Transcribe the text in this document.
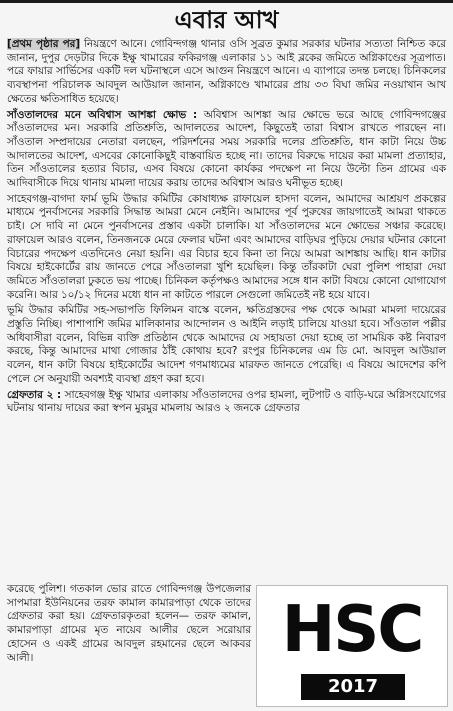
এবার আখ

[প্রথম পৃষ্ঠার পর] নিয়ন্ত্রণে আনে। গোবিন্দগঞ্জ থানার ওসি সুব্রত কুমার সরকার ঘটনার সত্যতা নিশ্চিত করে জানান, দুপুর দেড়টার দিকে ইক্ষু খামারের ফকিরগঞ্জ এলাকার ১১ আই ব্লকের জমিতে অগ্নিকাণ্ডের সূত্রপাত। পরে ফায়ার সার্ভিসের একটি দল ঘটনাস্থলে এসে আগুন নিয়ন্ত্রণে আনে। এ ব্যাপারে তদন্ত চলছে। চিনিকলের ব্যবস্থাপনা পরিচালক আবদুল আউয়াল জানান, অগ্নিকাণ্ডে খামারের প্রায় ৩৩ বিঘা জমির নওয়াখান আখ ক্ষেতের ক্ষতিসাধিত হয়েছে।

সাঁওতালদের মনে অবিশ্বাস আশঙ্কা ক্ষোভ : অবিশ্বাস আশঙ্কা আর ক্ষোভে ভরে আছে গোবিন্দগঞ্জের সাঁওতালদের মন। সরকারি প্রতিশ্রুতি, আদালতের আদেশ, কিছুতেই তারা বিশ্বাস রাখতে পারছেন না। সাঁওতাল সম্প্রদায়ের নেতারা বলছেন, পরিদর্শনের সময় সরকারি দলের প্রতিশ্রুতি, ধান কাটা নিয়ে উচ্চ আদালতের আদেশ, এসবের কোনোকিছুই বাস্তবায়িত হচ্ছে না। তাদের বিরুদ্ধে দায়ের করা মামলা প্রত্যাহার, তিন সাঁওতালের হত্যার বিচার, এসব বিষয়ে কোনো কার্যকর পদক্ষেপ না নিয়ে উল্টো তিন গ্রামের এক আদিবাসীকে দিয়ে থানায় মামলা দায়ের করায় তাদের অবিশ্বাস আরও ঘনীভূত হচ্ছে।

সাহেবগঞ্জ-বাগদা ফার্ম ভূমি উদ্ধার কমিটির কোষাধ্যক্ষ রাফায়েল হাসদা বলেন, আমাদের আশ্রয়ণ প্রকল্পের মাধ্যমে পুনর্বাসনের সরকারি সিদ্ধান্ত আমরা মেনে নেইনি। আমাদের পূর্ব পুরুষের জায়গাতেই আমরা থাকতে চাই। সে দাবি না মেনে পুনর্বাসনের প্রস্তাব একটা চালাকি। যা সাঁওতালদের মনে ক্ষোভের সঞ্চার করেছে। রাফায়েল আরও বলেন, তিনজনকে মেরে ফেলার ঘটনা এবং আমাদের বাড়িঘর পুড়িয়ে দেয়ার ঘটনার কোনো বিচারের পদক্ষেপ এতদিনেও নেয়া হয়নি। এর বিচার হবে কিনা তা নিয়ে আমরা আশঙ্কায় আছি। ধান কাটার বিষয়ে হাইকোর্টের রায় জানতে পেরে সাঁওতালরা খুশি হয়েছিল। কিন্তু তাঁরকাটা ঘেরা পুলিশ পাহারা দেয়া জমিতে সাঁওতালরা ঢুকতে ভয় পাচ্ছে। চিনিকল কর্তৃপক্ষও আমাদের সঙ্গে ধান কাটা বিষয়ে কোনো যোগাযোগ করেনি। আর ১০/১২ দিনের মধ্যে ধান না কাটতে পারলে সেগুলো জমিতেই নষ্ট হয়ে যাবে।

ভূমি উদ্ধার কমিটির সহ-সভাপতি ফিলিমন বাস্কে বলেন, ক্ষতিগ্রস্তদের পক্ষ থেকে আমরা মামলা দায়েরের প্রস্তুতি নিচ্ছি। পাশাপাশি জমির মালিকানার আন্দোলন ও আইনি লড়াই চালিয়ে যাওয়া হবে। সাঁওতাল পল্লীর অধিবাসীরা বলেন, বিভিন্ন ব্যক্তি প্রতিষ্ঠান থেকে আমাদের যে সহায়তা দেয়া হচ্ছে তা সাময়িক কষ্ট নিবারণ করছে, কিন্তু আমাদের মাথা গোজার ঠাঁই কোথায় হবে? রংপুর চিনিকলের এম ডি মো. আবদুল আউয়াল বলেন, ধান কাটা বিষয়ে হাইকোর্টের আদেশ গণমাধ্যমের মারফত জানতে পেরেছি। এ বিষয়ে আদেশের কপি পেলে সে অনুযায়ী অবশ্যই ব্যবস্থা গ্রহণ করা হবে।

গ্রেফতার ২ : সাহেবগঞ্জ ইক্ষু খামার এলাকায় সাঁওতালদের ওপর হামলা, লুটপাট ও বাড়ি-ঘরে অগ্নিসংযোগের ঘটনায় থানায় দায়ের করা স্বপন মুরমুর মামলায় আরও ২ জনকে গ্রেফতার

করেছে পুলিশ। গতকাল ভোর রাতে গোবিন্দগঞ্জ উপজেলার সাপমারা ইউনিয়নের তরফ কামাল কামারপাড়া থেকে তাদের গ্রেফতার করা হয়। গ্রেফতারকৃতরা হলেন— তরফ কামাল, কামারপাড়া গ্রামের মৃত নায়েব আলীর ছেলে সরোয়ার হোসেন ও একই গ্রামের আবদুল রহমানের ছেলে আকবর আলী।	HSC
2017
